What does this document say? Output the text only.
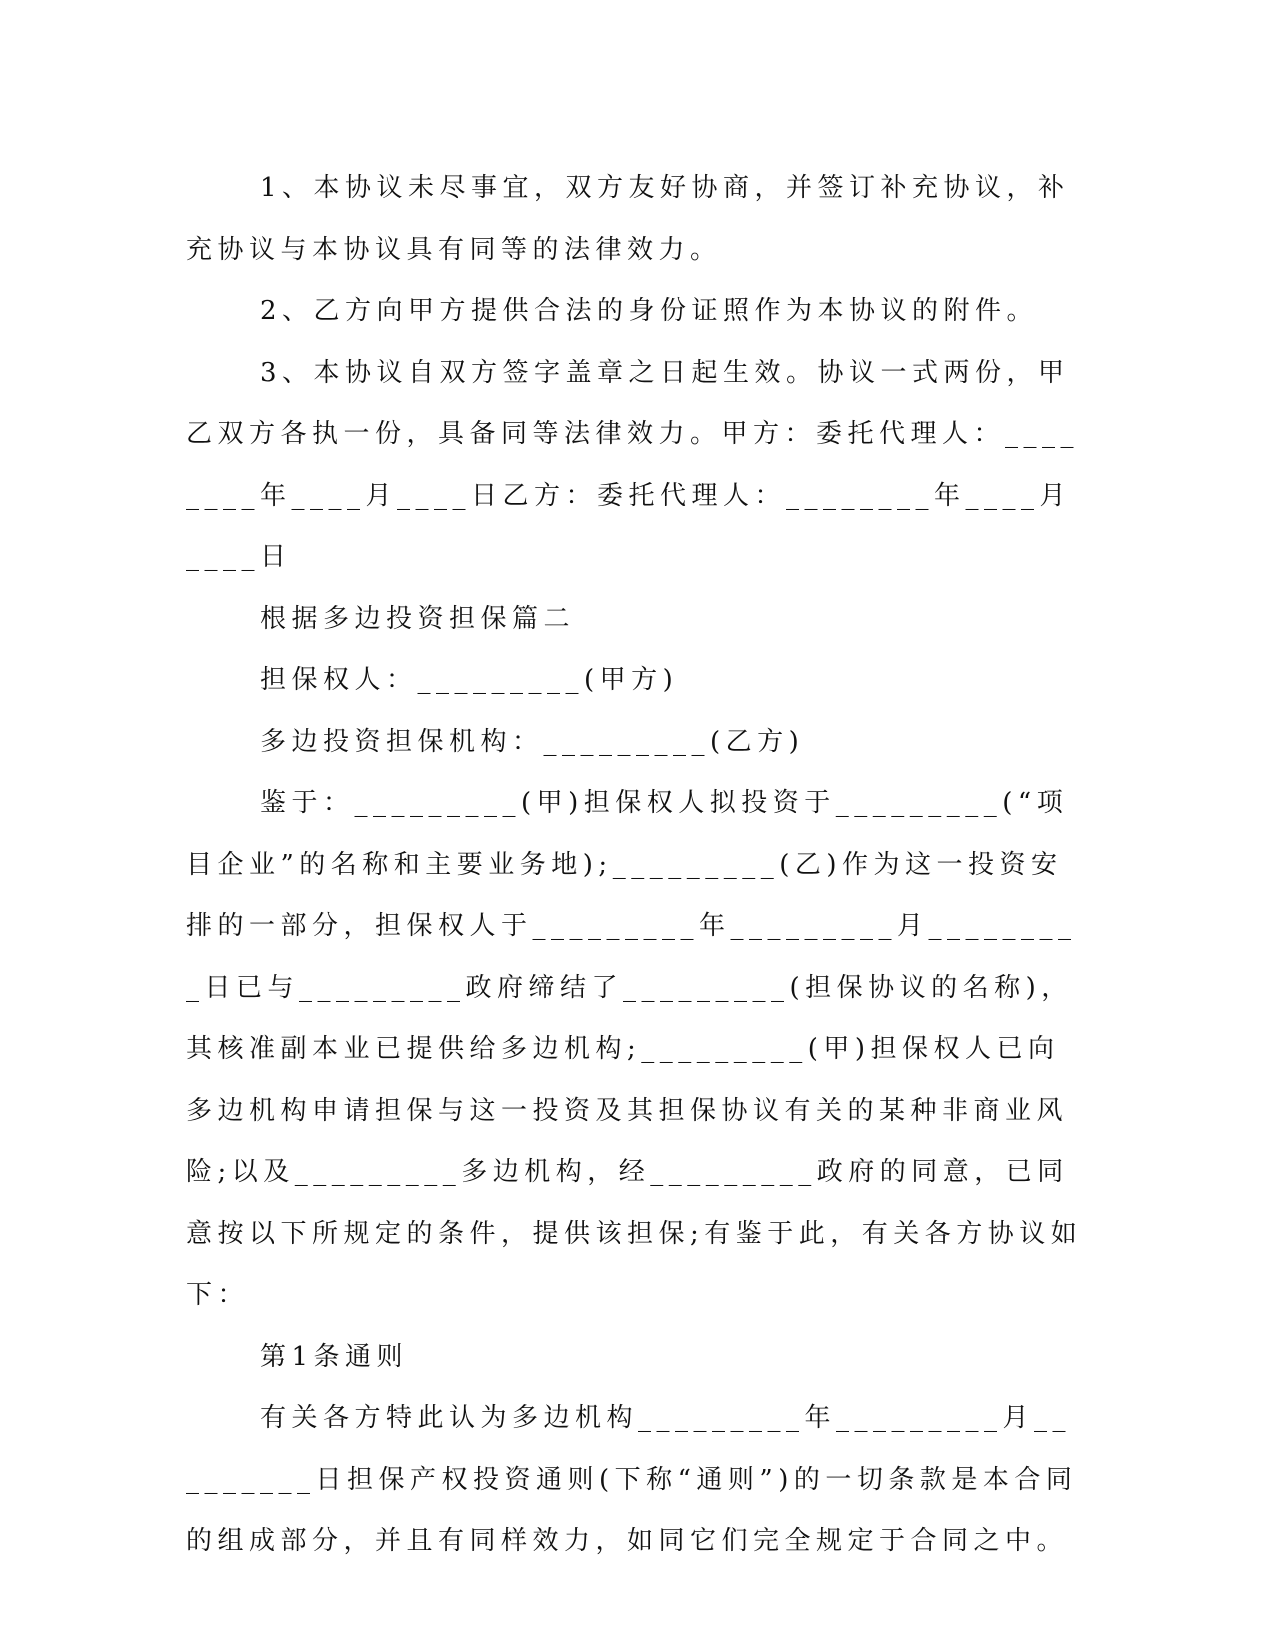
1、本协议未尽事宜，双方友好协商，并签订补充协议，补充协议与本协议具有同等的法律效力。

2、乙方向甲方提供合法的身份证照作为本协议的附件。

3、本协议自双方签字盖章之日起生效。协议一式两份，甲乙双方各执一份，具备同等法律效力。甲方：委托代理人：________年____月____日乙方：委托代理人：________年____月____日

根据多边投资担保篇二

担保权人：_________(甲方)

多边投资担保机构：_________(乙方)

鉴于：_________(甲)担保权人拟投资于_________(“项目企业”的名称和主要业务地);_________(乙)作为这一投资安排的一部分，担保权人于_________年_________月_________日已与_________政府缔结了_________(担保协议的名称)，其核准副本业已提供给多边机构;_________(甲)担保权人已向多边机构申请担保与这一投资及其担保协议有关的某种非商业风险;以及_________多边机构，经_________政府的同意，已同意按以下所规定的条件，提供该担保;有鉴于此，有关各方协议如下：

第1条通则

有关各方特此认为多边机构_________年_________月_________日担保产权投资通则(下称“通则”)的一切条款是本合同的组成部分，并且有同样效力，如同它们完全规定于合同之中。
